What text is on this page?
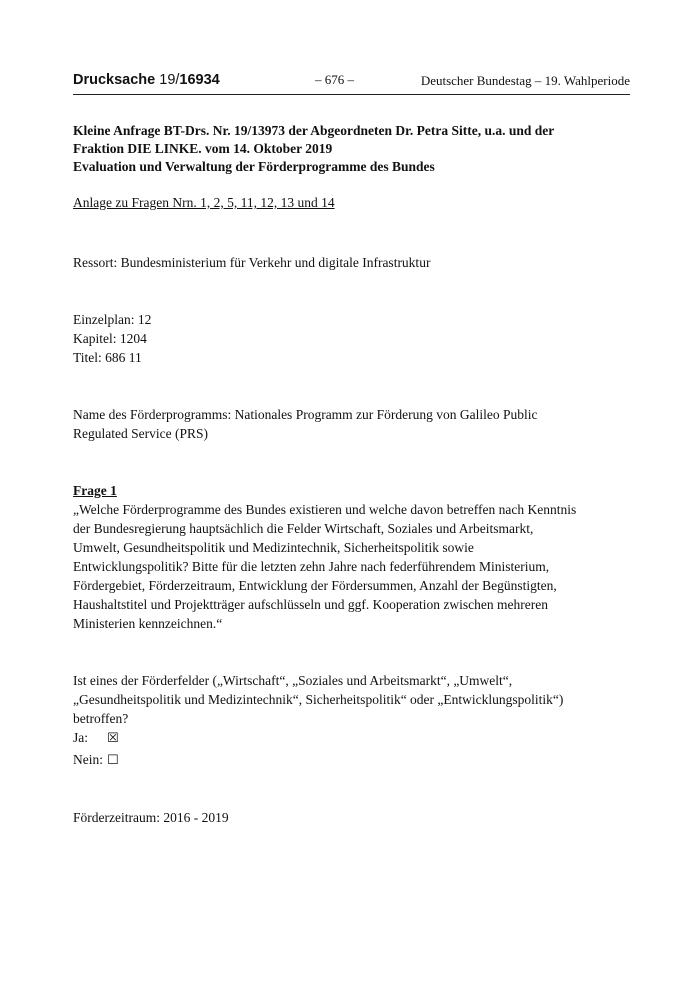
Drucksache 19/16934	– 676 –	Deutscher Bundestag – 19. Wahlperiode
Kleine Anfrage BT-Drs. Nr. 19/13973 der Abgeordneten Dr. Petra Sitte, u.a. und der
Fraktion DIE LINKE. vom 14. Oktober 2019
Evaluation und Verwaltung der Förderprogramme des Bundes
Anlage zu Fragen Nrn. 1, 2, 5, 11, 12, 13 und 14
Ressort: Bundesministerium für Verkehr und digitale Infrastruktur
Einzelplan: 12
Kapitel: 1204
Titel: 686 11
Name des Förderprogramms: Nationales Programm zur Förderung von Galileo Public
Regulated Service (PRS)
Frage 1
„Welche Förderprogramme des Bundes existieren und welche davon betreffen nach Kenntnis
der Bundesregierung hauptsächlich die Felder Wirtschaft, Soziales und Arbeitsmarkt,
Umwelt, Gesundheitspolitik und Medizintechnik, Sicherheitspolitik sowie
Entwicklungspolitik? Bitte für die letzten zehn Jahre nach federführendem Ministerium,
Fördergebiet, Förderzeitraum, Entwicklung der Fördersummen, Anzahl der Begünstigten,
Haushaltstitel und Projektträger aufschlüsseln und ggf. Kooperation zwischen mehreren
Ministerien kennzeichnen.“
Ist eines der Förderfelder („Wirtschaft“, „Soziales und Arbeitsmarkt“, „Umwelt“,
„Gesundheitspolitik und Medizintechnik“, Sicherheitspolitik“ oder „Entwicklungspolitik“)
betroffen?
Ja: ☒
Nein: ☐
Förderzeitraum: 2016 - 2019
